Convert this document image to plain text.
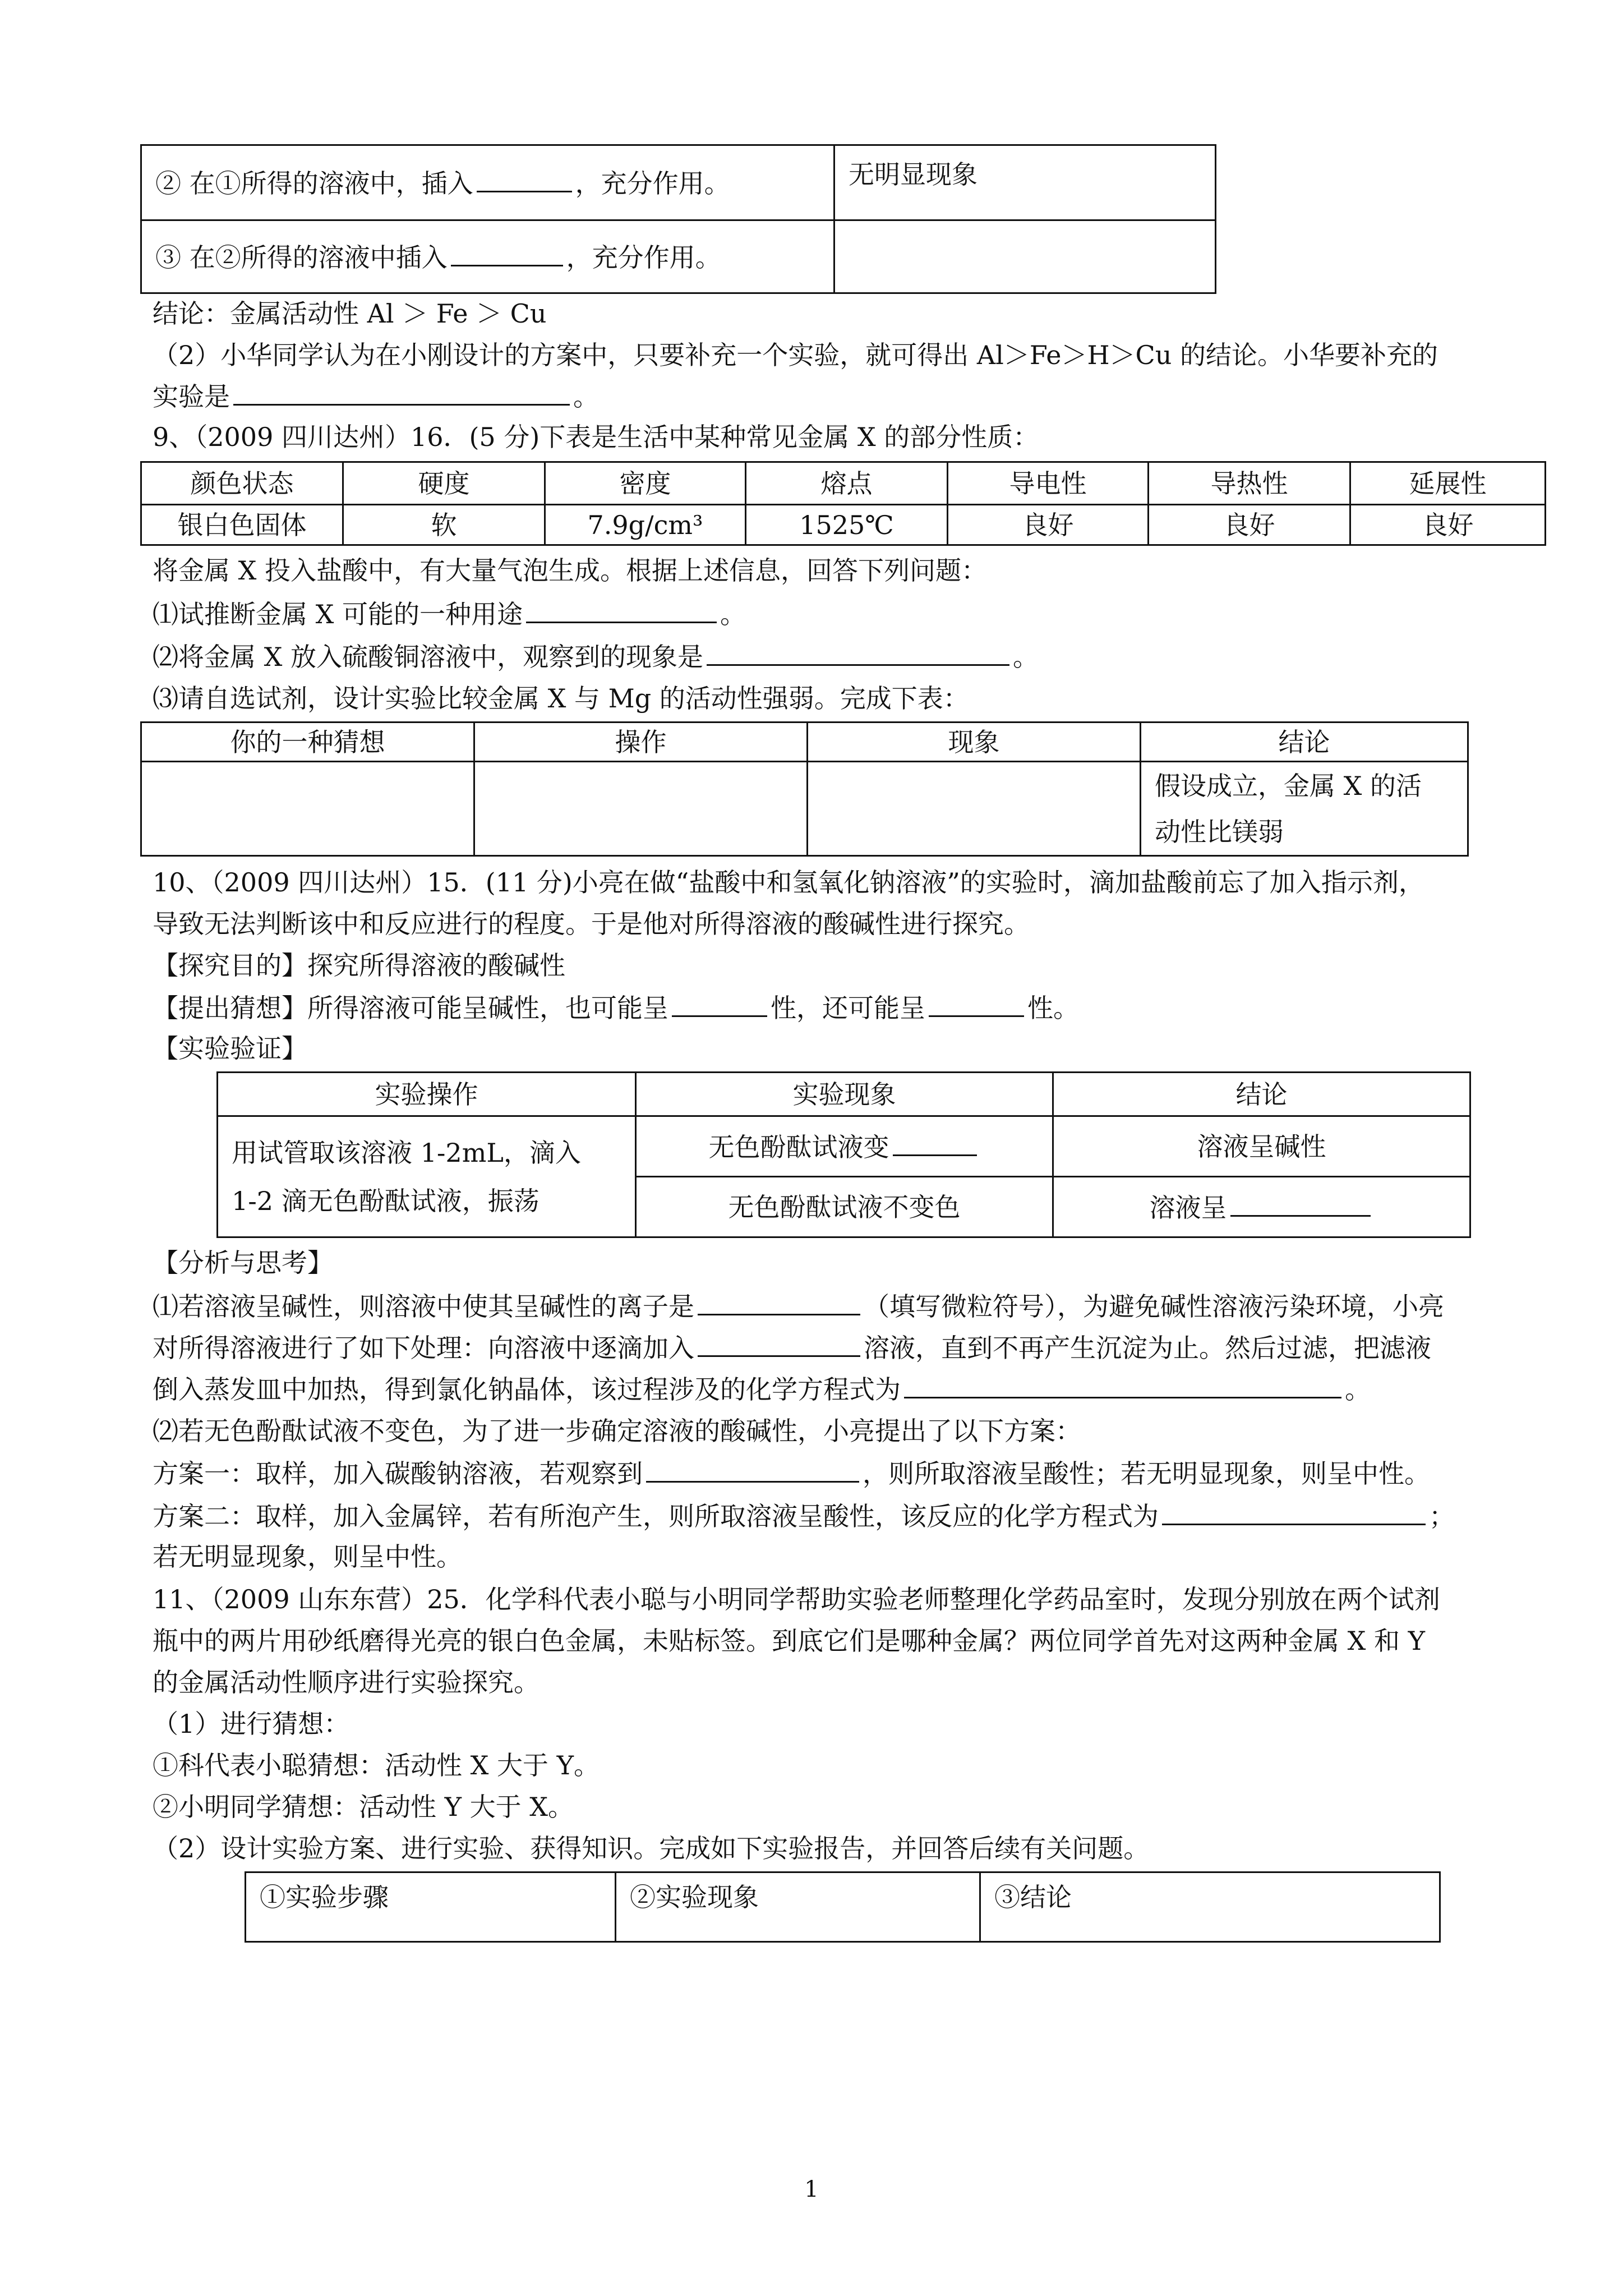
② 在①所得的溶液中，插入 ，充分作用。	无明显现象
③ 在②所得的溶液中插入 ，充分作用。	
结论：金属活动性 Al ＞ Fe ＞ Cu
（2）小华同学认为在小刚设计的方案中，只要补充一个实验，就可得出 Al＞Fe＞H＞Cu 的结论。小华要补充的
实验是	。
9、（2009 四川达州）16．(5 分)下表是生活中某种常见金属 X 的部分性质：
颜色状态	硬度	密度	熔点	导电性	导热性	延展性
银白色固体	软	7.9g/cm³	1525℃	良好	良好	良好
将金属 X 投入盐酸中，有大量气泡生成。根据上述信息，回答下列问题：
⑴试推断金属 X 可能的一种用途	。
⑵将金属 X 放入硫酸铜溶液中，观察到的现象是	。
⑶请自选试剂，设计实验比较金属 X 与 Mg 的活动性强弱。完成下表：
你的一种猜想	操作	现象	结论

			假设成立，金属 X 的活
动性比镁弱
10、（2009 四川达州）15．(11 分)小亮在做“盐酸中和氢氧化钠溶液”的实验时，滴加盐酸前忘了加入指示剂，
导致无法判断该中和反应进行的程度。于是他对所得溶液的酸碱性进行探究。
【探究目的】探究所得溶液的酸碱性
【提出猜想】所得溶液可能呈碱性，也可能呈	性，还可能呈	性。
【实验验证】
实验操作	实验现象	结论

用试管取该溶液 1-2mL，滴入
1-2 滴无色酚酞试液，振荡	无色酚酞试液变	溶液呈碱性
	无色酚酞试液不变色	溶液呈
【分析与思考】
⑴若溶液呈碱性，则溶液中使其呈碱性的离子是	（填写微粒符号），为避免碱性溶液污染环境，小亮
对所得溶液进行了如下处理：向溶液中逐滴加入	溶液，直到不再产生沉淀为止。然后过滤，把滤液
倒入蒸发皿中加热，得到氯化钠晶体，该过程涉及的化学方程式为	。
⑵若无色酚酞试液不变色，为了进一步确定溶液的酸碱性，小亮提出了以下方案：
方案一：取样，加入碳酸钠溶液，若观察到	，则所取溶液呈酸性；若无明显现象，则呈中性。
方案二：取样，加入金属锌，若有所泡产生，则所取溶液呈酸性，该反应的化学方程式为	；
若无明显现象，则呈中性。
11、（2009 山东东营）25．化学科代表小聪与小明同学帮助实验老师整理化学药品室时，发现分别放在两个试剂
瓶中的两片用砂纸磨得光亮的银白色金属，未贴标签。到底它们是哪种金属？两位同学首先对这两种金属 X 和 Y
的金属活动性顺序进行实验探究。
（1）进行猜想：
①科代表小聪猜想：活动性 X 大于 Y。
②小明同学猜想：活动性 Y 大于 X。
（2）设计实验方案、进行实验、获得知识。完成如下实验报告，并回答后续有关问题。
①实验步骤	②实验现象	③结论
1
